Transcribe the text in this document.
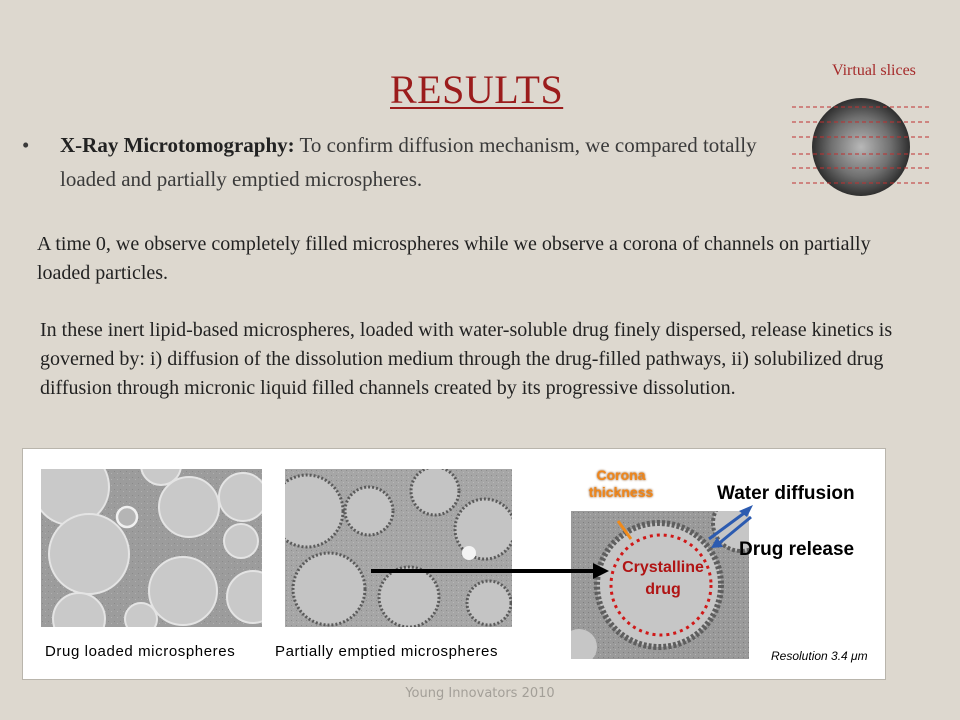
RESULTS	Virtual slices
• X-Ray Microtomography: To confirm diffusion mechanism, we compared totally loaded and partially emptied microspheres.
A time 0, we observe completely filled microspheres while we observe a corona of channels on partially loaded particles.
In these inert lipid-based microspheres, loaded with water-soluble drug finely dispersed, release kinetics is governed by: i) diffusion of the dissolution medium through the drug-filled pathways, ii) solubilized drug diffusion through micronic liquid filled channels created by its progressive dissolution.
Corona
thickness	Water diffusion
Drug release
Crystalline
drug
Drug loaded microspheres	Partially emptied microspheres	Resolution 3.4 μm
Young Innovators 2010
